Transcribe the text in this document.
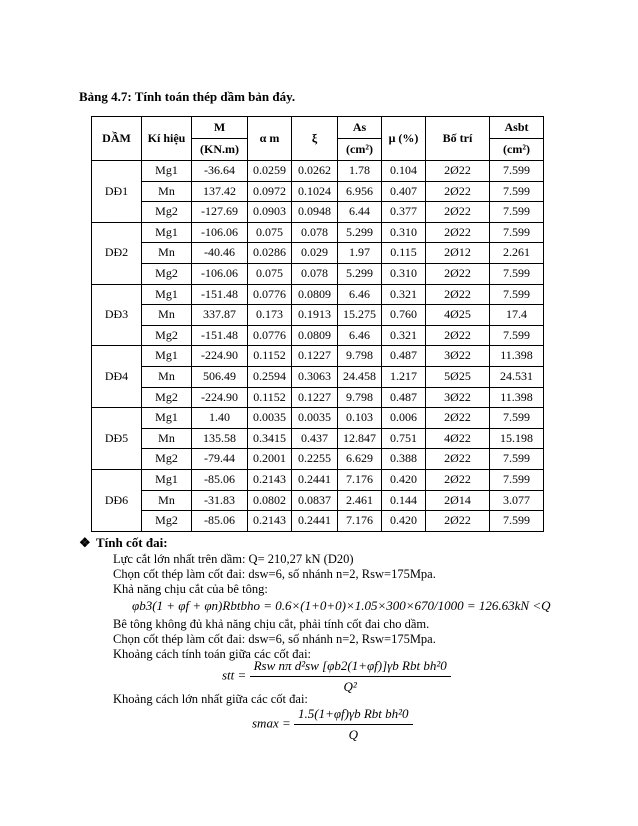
Bảng 4.7: Tính toán thép dầm bản đáy.
DẦM	Kí hiệu	M	α m	ξ	As	μ (%)	Bố trí	Asbt
		(KN.m)			(cm²)			(cm²)
DĐ1	Mg1	-36.64	0.0259	0.0262	1.78	0.104	2Ø22	7.599
	Mn	137.42	0.0972	0.1024	6.956	0.407	2Ø22	7.599
	Mg2	-127.69	0.0903	0.0948	6.44	0.377	2Ø22	7.599
DĐ2	Mg1	-106.06	0.075	0.078	5.299	0.310	2Ø22	7.599
	Mn	-40.46	0.0286	0.029	1.97	0.115	2Ø12	2.261
	Mg2	-106.06	0.075	0.078	5.299	0.310	2Ø22	7.599
DĐ3	Mg1	-151.48	0.0776	0.0809	6.46	0.321	2Ø22	7.599
	Mn	337.87	0.173	0.1913	15.275	0.760	4Ø25	17.4
	Mg2	-151.48	0.0776	0.0809	6.46	0.321	2Ø22	7.599
DĐ4	Mg1	-224.90	0.1152	0.1227	9.798	0.487	3Ø22	11.398
	Mn	506.49	0.2594	0.3063	24.458	1.217	5Ø25	24.531
	Mg2	-224.90	0.1152	0.1227	9.798	0.487	3Ø22	11.398
DĐ5	Mg1	1.40	0.0035	0.0035	0.103	0.006	2Ø22	7.599
	Mn	135.58	0.3415	0.437	12.847	0.751	4Ø22	15.198
	Mg2	-79.44	0.2001	0.2255	6.629	0.388	2Ø22	7.599
DĐ6	Mg1	-85.06	0.2143	0.2441	7.176	0.420	2Ø22	7.599
	Mn	-31.83	0.0802	0.0837	2.461	0.144	2Ø14	3.077
	Mg2	-85.06	0.2143	0.2441	7.176	0.420	2Ø22	7.599
❖ Tính cốt đai:
Lực cắt lớn nhất trên dầm: Q= 210,27 kN (D20)
Chọn cốt thép làm cốt đai: dsw=6, số nhánh n=2, Rsw=175Mpa.
Khả năng chịu cắt của bê tông:
φb3(1 + φf + φn)Rbtbho = 0.6×(1+0+0)×1.05×300×670/1000 = 126.63kN <Q
Bê tông không đủ khả năng chịu cắt, phải tính cốt đai cho dầm.
Chọn cốt thép làm cốt đai: dsw=6, số nhánh n=2, Rsw=175Mpa.
Khoảng cách tính toán giữa các cốt đai:
stt = $\frac{\text{Rsw nπ d²sw [φb2(1+φf)]γb Rbt bh²0}}{\text{Q²}}$
Khoảng cách lớn nhất giữa các cốt đai:
$smax = \frac{\text{1.5(1+φf)γb Rbt bh²0}}{Q}$
